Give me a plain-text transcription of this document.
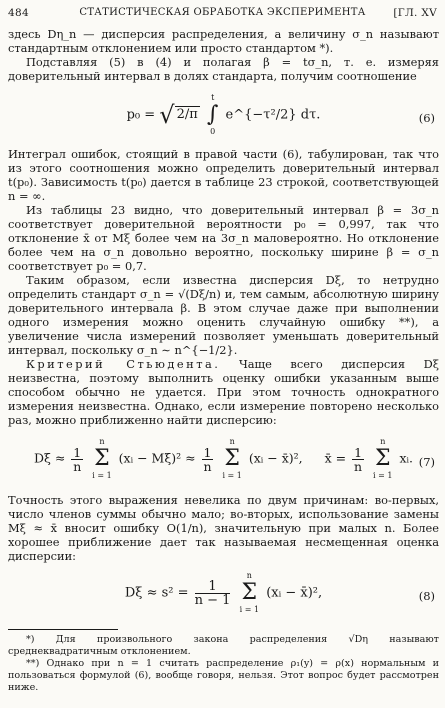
484	СТАТИСТИЧЕСКАЯ ОБРАБОТКА ЭКСПЕРИМЕНТА	[ГЛ. XV

здесь Dη_n — дисперсия распределения, а величину σ_n называют стандартным отклонением или просто стандартом *).

Подставляя (5) в (4) и полагая β = tσ_n, т. е. измеряя доверительный интервал в долях стандарта, получим соотношение

p₀ = √ 2/π
t
∫
0
e^{−τ²/2} dτ.	(6)

Интеграл ошибок, стоящий в правой части (6), табулирован, так что из этого соотношения можно определить доверительный интервал t(p₀). Зависимость t(p₀) дается в таблице 23 строкой, соответствующей n = ∞.

Из таблицы 23 видно, что доверительный интервал β = 3σ_n соответствует доверительной вероятности p₀ = 0,997, так что отклонение x̄ от Mξ более чем на 3σ_n маловероятно. Но отклонение более чем на σ_n довольно вероятно, поскольку ширине β = σ_n соответствует p₀ = 0,7.

Таким образом, если известна дисперсия Dξ, то нетрудно определить стандарт σ_n = √(Dξ/n) и, тем самым, абсолютную ширину доверительного интервала β. В этом случае даже при выполнении одного измерения можно оценить случайную ошибку **), а увеличение числа измерений позволяет уменьшать доверительный интервал, поскольку σ_n ∼ n^{−1/2}.

Критерий Стьюдента. Чаще всего дисперсия Dξ неизвестна, поэтому выполнить оценку ошибки указанным выше способом обычно не удается. При этом точность однократного измерения неизвестна. Однако, если измерение повторено несколько раз, можно приближенно найти дисперсию:

$D\xi \approx \frac{1}{n}$

n
Σ
i = 1
(xᵢ − $M\xi)^2 \approx \frac{1}{n}$

n
Σ
i = 1
(xᵢ − x̄)², x̄ = $\frac{1}{n}$

n
Σ
i = 1
xᵢ. (7)

Точность этого выражения невелика по двум причинам: во-первых, число членов суммы обычно мало; во-вторых, использование замены Mξ ≈ x̄ вносит ошибку O(1/n), значительную при малых n. Более хорошее приближение дает так называемая несмещенная оценка дисперсии:

$D\xi \approx s^2 = \frac{1}{n - 1}$

n
Σ
i = 1
(xᵢ − x̄)²,	(8)

*) Для произвольного закона распределения √Dη называют среднеквадратичным отклонением.

**) Однако при n = 1 считать распределение ρ₁(y) = ρ(x) нормальным и пользоваться формулой (6), вообще говоря, нельзя. Этот вопрос будет рассмотрен ниже.
